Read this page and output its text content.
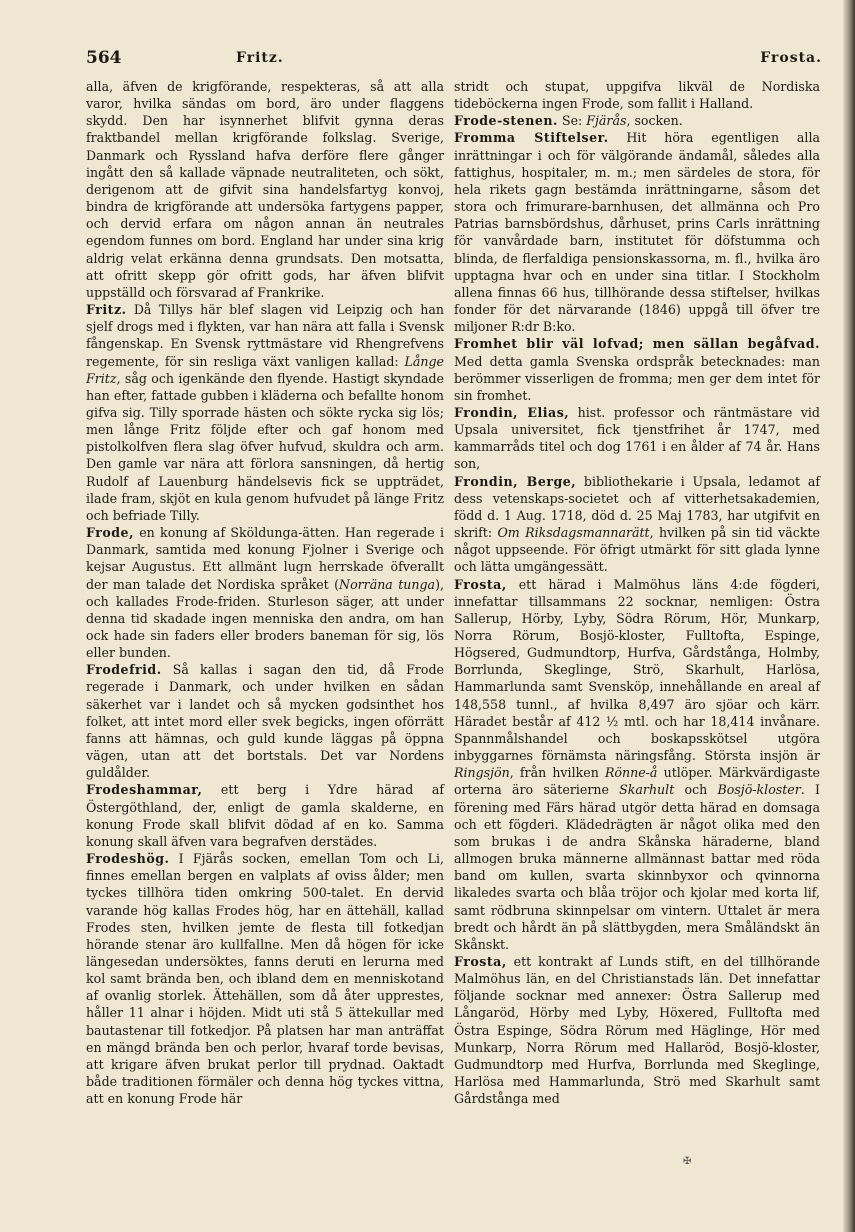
564	Fritz.	Frosta.

alla, äfven de krigförande, respekteras, så att alla varor, hvilka sändas om bord, äro under flaggens skydd. Den har isynnerhet blifvit gynna deras fraktbandel mellan krigförande folkslag. Sverige, Danmark och Ryssland hafva derföre flere gånger ingått den så kallade väpnade neutraliteten, och sökt, derigenom att de gifvit sina handelsfartyg konvoj, bindra de krigförande att undersöka fartygens papper, och dervid erfara om någon annan än neutrales egendom funnes om bord. England har under sina krig aldrig velat erkänna denna grundsats. Den motsatta, att ofritt skepp gör ofritt gods, har äfven blifvit uppställd och försvarad af Frankrike.

Fritz. Då Tillys här blef slagen vid Leipzig och han sjelf drogs med i flykten, var han nära att falla i Svensk fångenskap. En Svensk ryttmästare vid Rhengrefvens regemente, för sin resliga växt vanligen kallad: Långe Fritz, såg och igenkände den flyende. Hastigt skyndade han efter, fattade gubben i kläderna och befallte honom gifva sig. Tilly sporrade hästen och sökte rycka sig lös; men långe Fritz följde efter och gaf honom med pistolkolfven flera slag öfver hufvud, skuldra och arm. Den gamle var nära att förlora sansningen, då hertig Rudolf af Lauenburg händelsevis fick se uppträdet, ilade fram, skjöt en kula genom hufvudet på länge Fritz och befriade Tilly.

Frode, en konung af Sköldunga-ätten. Han regerade i Danmark, samtida med konung Fjolner i Sverige och kejsar Augustus. Ett allmänt lugn herrskade öfverallt der man talade det Nordiska språket (Norräna tunga), och kallades Frode-friden. Sturleson säger, att under denna tid skadade ingen menniska den andra, om han ock hade sin faders eller broders baneman för sig, lös eller bunden.

Frodefrid. Så kallas i sagan den tid, då Frode regerade i Danmark, och under hvilken en sådan säkerhet var i landet och så mycken godsinthet hos folket, att intet mord eller svek begicks, ingen oförrätt fanns att hämnas, och guld kunde läggas på öppna vägen, utan att det bortstals. Det var Nordens guldålder.

Frodeshammar, ett berg i Ydre härad af Östergöthland, der, enligt de gamla skalderne, en konung Frode skall blifvit dödad af en ko. Samma konung skall äfven vara begrafven derstädes.

Frodeshög. I Fjärås socken, emellan Tom och Li, finnes emellan bergen en valplats af oviss ålder; men tyckes tillhöra tiden omkring 500-talet. En dervid varande hög kallas Frodes hög, har en ättehäll, kallad Frodes sten, hvilken jemte de flesta till fotkedjan hörande stenar äro kullfallne. Men då högen för icke längesedan undersöktes, fanns deruti en lerurna med kol samt brända ben, och ibland dem en menniskotand af ovanlig storlek. Ättehällen, som då åter upprestes, håller 11 alnar i höjden. Midt uti stå 5 ättekullar med bautastenar till fotkedjor. På platsen har man anträffat en mängd brända ben och perlor, hvaraf torde bevisas, att krigare äfven brukat perlor till prydnad. Oaktadt både traditionen förmäler och denna hög tyckes vittna, att en konung Frode här

stridt och stupat, uppgifva likväl de Nordiska tideböckerna ingen Frode, som fallit i Halland.

Frode-stenen. Se: Fjärås, socken.

Fromma Stiftelser. Hit höra egentligen alla inrättningar i och för välgörande ändamål, således alla fattighus, hospitaler, m. m.; men särdeles de stora, för hela rikets gagn bestämda inrättningarne, såsom det stora och frimurare-barnhusen, det allmänna och Pro Patrias barnsbördshus, dårhuset, prins Carls inrättning för vanvårdade barn, institutet för döfstumma och blinda, de flerfaldiga pensionskassorna, m. fl., hvilka äro upptagna hvar och en under sina titlar. I Stockholm allena finnas 66 hus, tillhörande dessa stiftelser, hvilkas fonder för det närvarande (1846) uppgå till öfver tre miljoner R:dr B:ko.

Fromhet blir väl lofvad; men sällan begåfvad. Med detta gamla Svenska ordspråk betecknades: man berömmer visserligen de fromma; men ger dem intet för sin fromhet.

Frondin, Elias, hist. professor och räntmästare vid Upsala universitet, fick tjenstfrihet år 1747, med kammarråds titel och dog 1761 i en ålder af 74 år. Hans son,

Frondin, Berge, bibliothekarie i Upsala, ledamot af dess vetenskaps-societet och af vitterhetsakademien, född d. 1 Aug. 1718, död d. 25 Maj 1783, har utgifvit en skrift: Om Riksdagsmannarätt, hvilken på sin tid väckte något uppseende. För öfrigt utmärkt för sitt glada lynne och lätta umgängessätt.

Frosta, ett härad i Malmöhus läns 4:de fögderi, innefattar tillsammans 22 socknar, nemligen: Östra Sallerup, Hörby, Lyby, Södra Rörum, Hör, Munkarp, Norra Rörum, Bosjö-kloster, Fulltofta, Espinge, Högsered, Gudmundtorp, Hurfva, Gårdstånga, Holmby, Borrlunda, Skeglinge, Strö, Skarhult, Harlösa, Hammarlunda samt Svensköp, innehållande en areal af 148,558 tunnl., af hvilka 8,497 äro sjöar och kärr. Häradet består af 412 ½ mtl. och har 18,414 invånare. Spannmålshandel och boskapsskötsel utgöra inbyggarnes förnämsta näringsfång. Största insjön är Ringsjön, från hvilken Rönne-å utlöper. Märkvärdigaste orterna äro säterierne Skarhult och Bosjö-kloster. I förening med Färs härad utgör detta härad en domsaga och ett fögderi. Klädedrägten är något olika med den som brukas i de andra Skånska häraderne, bland allmogen bruka männerne allmännast battar med röda band om kullen, svarta skinnbyxor och qvinnorna likaledes svarta och blåa tröjor och kjolar med korta lif, samt rödbruna skinnpelsar om vintern. Uttalet är mera bredt och hårdt än på slättbygden, mera Småländskt än Skånskt.

Frosta, ett kontrakt af Lunds stift, en del tillhörande Malmöhus län, en del Christianstads län. Det innefattar följande socknar med annexer: Östra Sallerup med Långaröd, Hörby med Lyby, Höxered, Fulltofta med Östra Espinge, Södra Rörum med Häglinge, Hör med Munkarp, Norra Rörum med Hallaröd, Bosjö-kloster, Gudmundtorp med Hurfva, Borrlunda med Skeglinge, Harlösa med Hammarlunda, Strö med Skarhult samt Gårdstånga med

✠
